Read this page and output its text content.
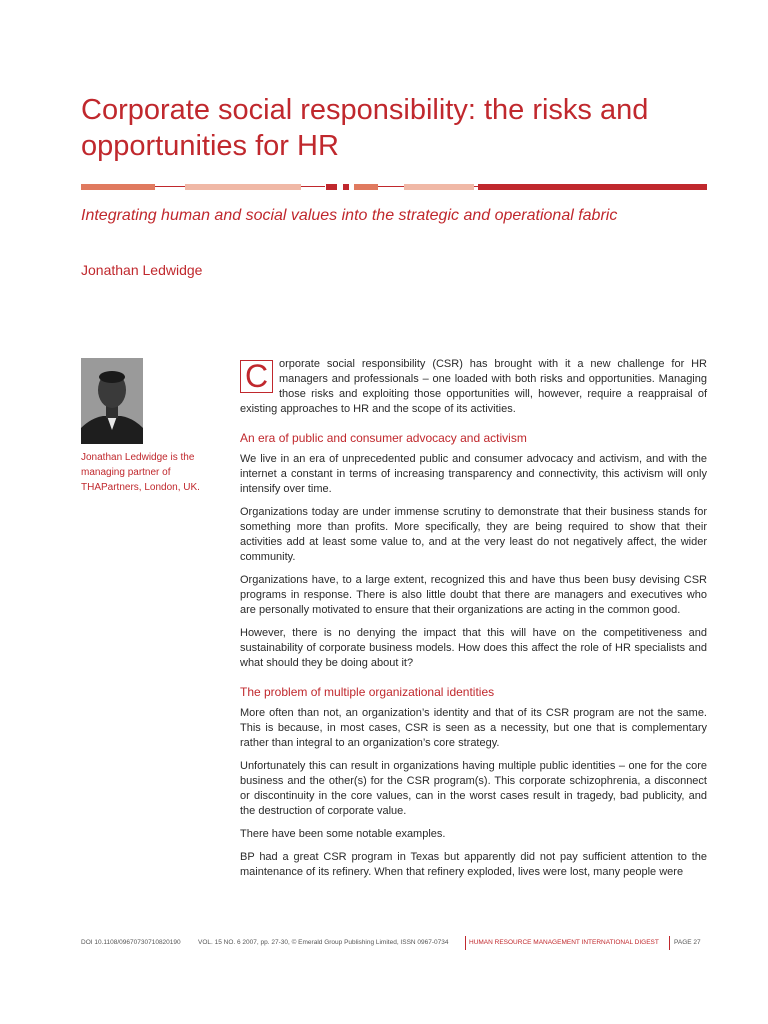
Corporate social responsibility: the risks and opportunities for HR
Integrating human and social values into the strategic and operational fabric
Jonathan Ledwidge
Jonathan Ledwidge is the managing partner of THAPartners, London, UK.

C orporate social responsibility (CSR) has brought with it a new challenge for HR managers and professionals – one loaded with both risks and opportunities. Managing those risks and exploiting those opportunities will, however, require a reappraisal of existing approaches to HR and the scope of its activities.

An era of public and consumer advocacy and activism

We live in an era of unprecedented public and consumer advocacy and activism, and with the internet a constant in terms of increasing transparency and connectivity, this activism will only intensify over time.

Organizations today are under immense scrutiny to demonstrate that their business stands for something more than profits. More specifically, they are being required to show that their activities add at least some value to, and at the very least do not negatively affect, the wider community.

Organizations have, to a large extent, recognized this and have thus been busy devising CSR programs in response. There is also little doubt that there are managers and executives who are personally motivated to ensure that their organizations are acting in the common good.

However, there is no denying the impact that this will have on the competitiveness and sustainability of corporate business models. How does this affect the role of HR specialists and what should they be doing about it?

The problem of multiple organizational identities

More often than not, an organization’s identity and that of its CSR program are not the same. This is because, in most cases, CSR is seen as a necessity, but one that is complementary rather than integral to an organization’s core strategy.

Unfortunately this can result in organizations having multiple public identities – one for the core business and the other(s) for the CSR program(s). This corporate schizophrenia, a disconnect or discontinuity in the core values, can in the worst cases result in tragedy, bad publicity, and the destruction of corporate value.

There have been some notable examples.

BP had a great CSR program in Texas but apparently did not pay sufficient attention to the maintenance of its refinery. When that refinery exploded, lives were lost, many people were

DOI 10.1108/09670730710820190	VOL. 15 NO. 6 2007, pp. 27-30, © Emerald Group Publishing Limited, ISSN 0967-0734	HUMAN RESOURCE MANAGEMENT INTERNATIONAL DIGEST PAGE 27
